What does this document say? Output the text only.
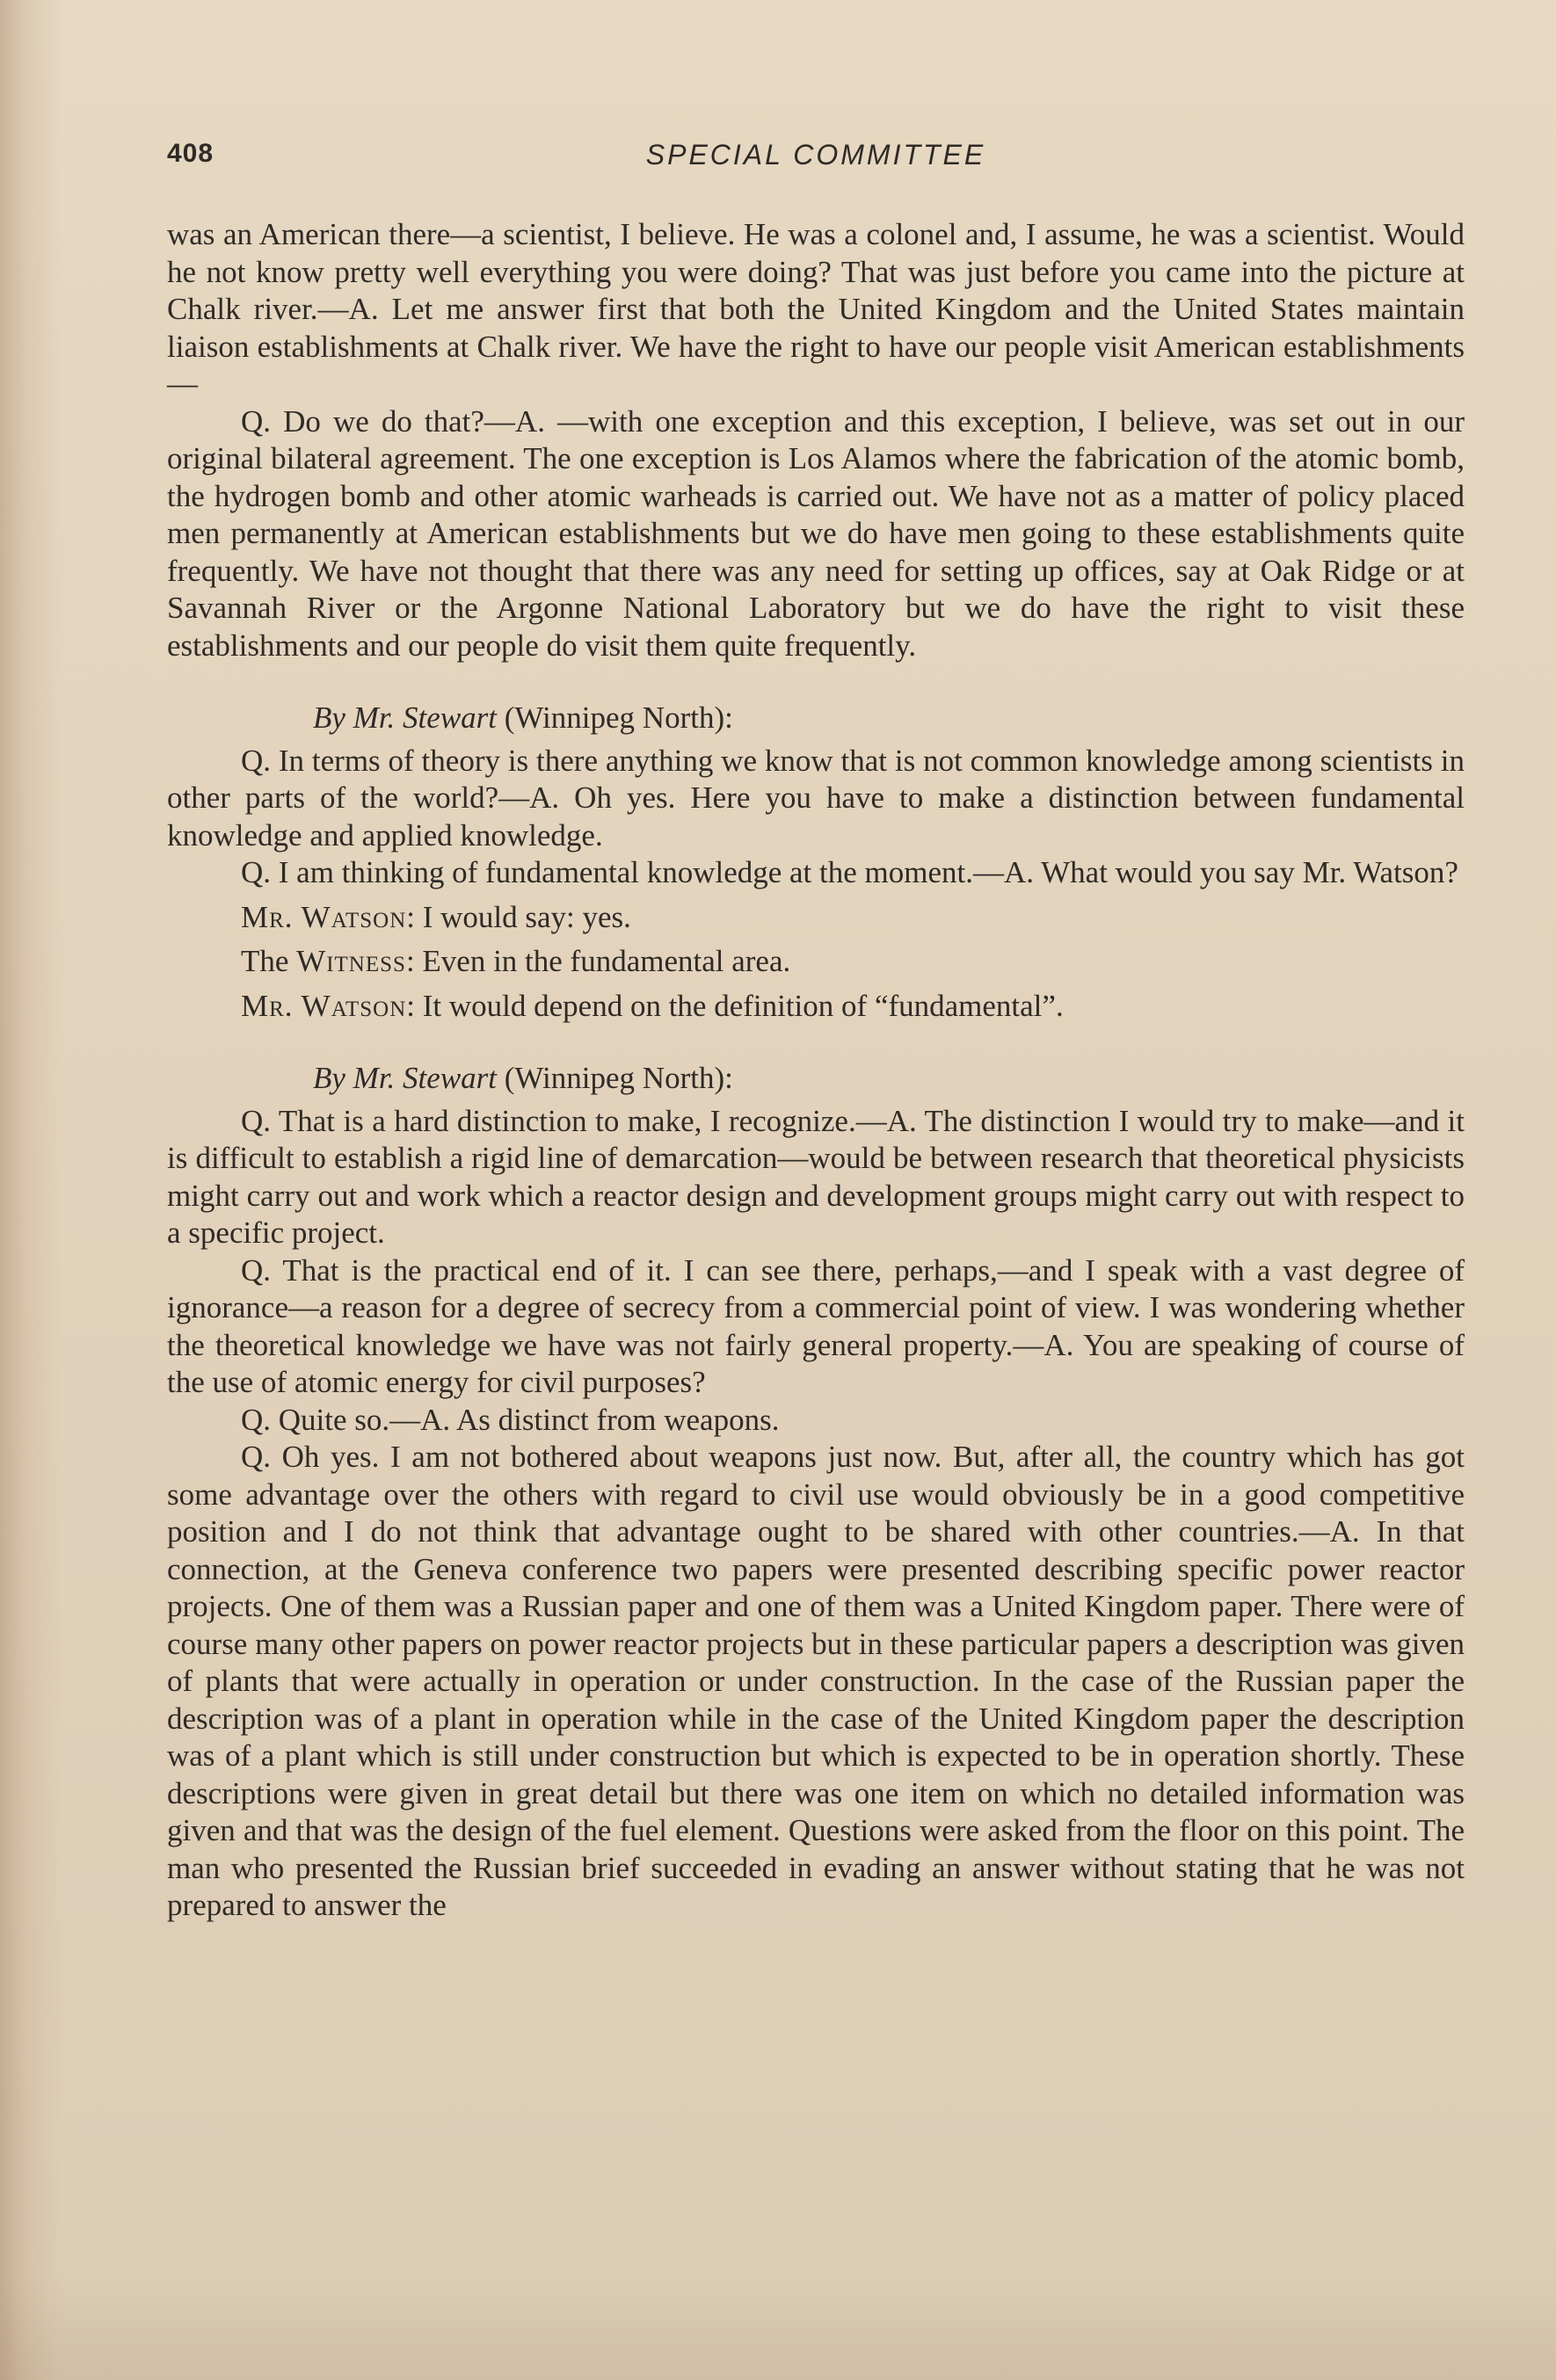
408	SPECIAL COMMITTEE

was an American there—a scientist, I believe. He was a colonel and, I assume, he was a scientist. Would he not know pretty well everything you were doing? That was just before you came into the picture at Chalk river.—A. Let me answer first that both the United Kingdom and the United States maintain liaison establishments at Chalk river. We have the right to have our people visit American establishments—

Q. Do we do that?—A. —with one exception and this exception, I believe, was set out in our original bilateral agreement. The one exception is Los Alamos where the fabrication of the atomic bomb, the hydrogen bomb and other atomic warheads is carried out. We have not as a matter of policy placed men permanently at American establishments but we do have men going to these establishments quite frequently. We have not thought that there was any need for setting up offices, say at Oak Ridge or at Savannah River or the Argonne National Laboratory but we do have the right to visit these establishments and our people do visit them quite frequently.

By Mr. Stewart (Winnipeg North):

Q. In terms of theory is there anything we know that is not common knowledge among scientists in other parts of the world?—A. Oh yes. Here you have to make a distinction between fundamental knowledge and applied knowledge.

Q. I am thinking of fundamental knowledge at the moment.—A. What would you say Mr. Watson?

Mr. Watson: I would say: yes.

The Witness: Even in the fundamental area.

Mr. Watson: It would depend on the definition of “fundamental”.

By Mr. Stewart (Winnipeg North):

Q. That is a hard distinction to make, I recognize.—A. The distinction I would try to make—and it is difficult to establish a rigid line of demarcation—would be between research that theoretical physicists might carry out and work which a reactor design and development groups might carry out with respect to a specific project.

Q. That is the practical end of it. I can see there, perhaps,—and I speak with a vast degree of ignorance—a reason for a degree of secrecy from a commercial point of view. I was wondering whether the theoretical knowledge we have was not fairly general property.—A. You are speaking of course of the use of atomic energy for civil purposes?

Q. Quite so.—A. As distinct from weapons.

Q. Oh yes. I am not bothered about weapons just now. But, after all, the country which has got some advantage over the others with regard to civil use would obviously be in a good competitive position and I do not think that advantage ought to be shared with other countries.—A. In that connection, at the Geneva conference two papers were presented describing specific power reactor projects. One of them was a Russian paper and one of them was a United Kingdom paper. There were of course many other papers on power reactor projects but in these particular papers a description was given of plants that were actually in operation or under construction. In the case of the Russian paper the description was of a plant in operation while in the case of the United Kingdom paper the description was of a plant which is still under construction but which is expected to be in operation shortly. These descriptions were given in great detail but there was one item on which no detailed information was given and that was the design of the fuel element. Questions were asked from the floor on this point. The man who presented the Russian brief succeeded in evading an answer without stating that he was not prepared to answer the
